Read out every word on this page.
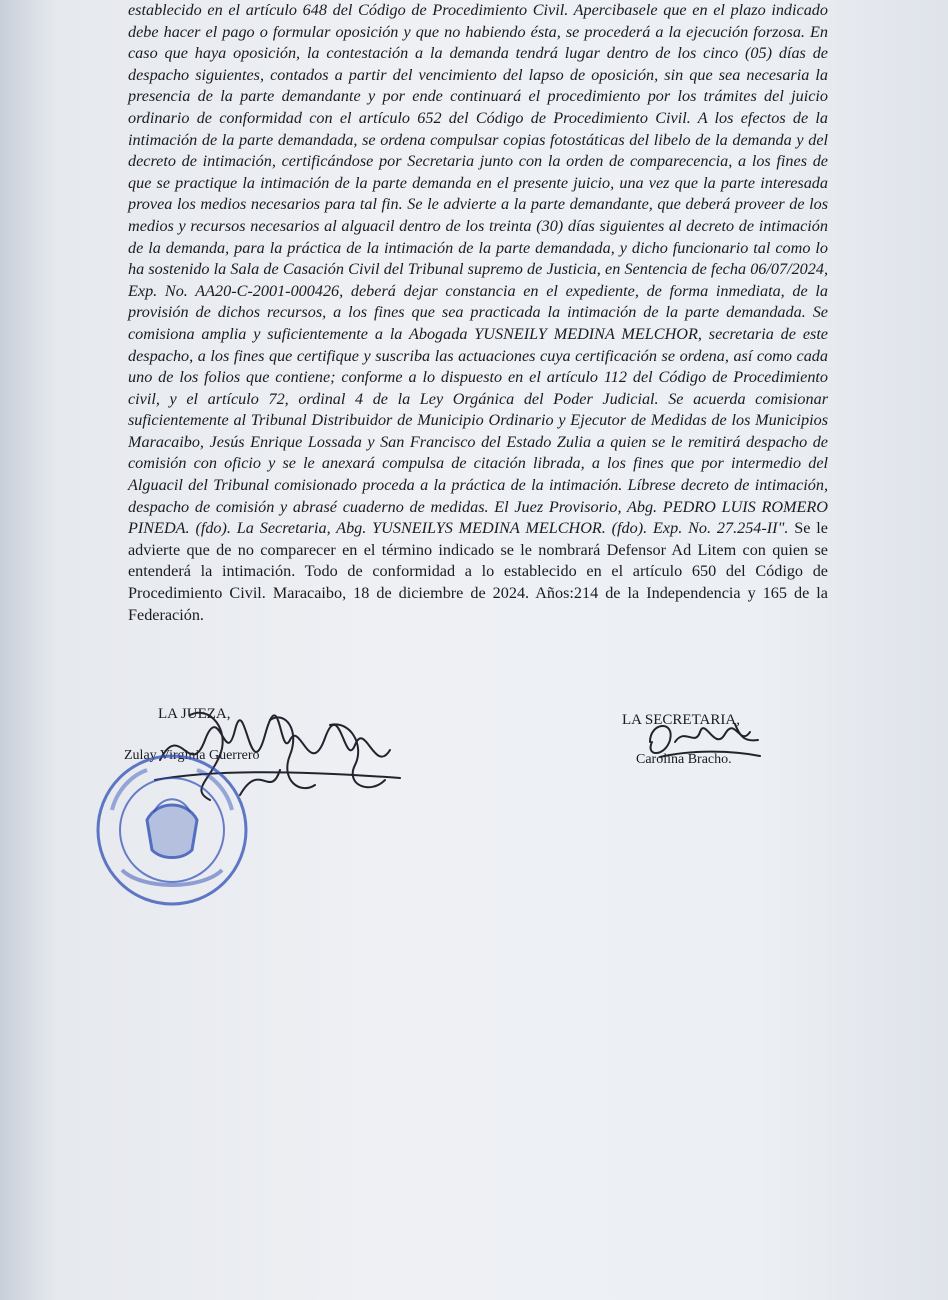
establecido en el artículo 648 del Código de Procedimiento Civil. Apercibasele que en el plazo indicado debe hacer el pago o formular oposición y que no habiendo ésta, se procederá a la ejecución forzosa. En caso que haya oposición, la contestación a la demanda tendrá lugar dentro de los cinco (05) días de despacho siguientes, contados a partir del vencimiento del lapso de oposición, sin que sea necesaria la presencia de la parte demandante y por ende continuará el procedimiento por los trámites del juicio ordinario de conformidad con el artículo 652 del Código de Procedimiento Civil. A los efectos de la intimación de la parte demandada, se ordena compulsar copias fotostáticas del libelo de la demanda y del decreto de intimación, certificándose por Secretaria junto con la orden de comparecencia, a los fines de que se practique la intimación de la parte demanda en el presente juicio, una vez que la parte interesada provea los medios necesarios para tal fin. Se le advierte a la parte demandante, que deberá proveer de los medios y recursos necesarios al alguacil dentro de los treinta (30) días siguientes al decreto de intimación de la demanda, para la práctica de la intimación de la parte demandada, y dicho funcionario tal como lo ha sostenido la Sala de Casación Civil del Tribunal supremo de Justicia, en Sentencia de fecha 06/07/2024, Exp. No. AA20-C-2001-000426, deberá dejar constancia en el expediente, de forma inmediata, de la provisión de dichos recursos, a los fines que sea practicada la intimación de la parte demandada. Se comisiona amplia y suficientemente a la Abogada YUSNEILY MEDINA MELCHOR, secretaria de este despacho, a los fines que certifique y suscriba las actuaciones cuya certificación se ordena, así como cada uno de los folios que contiene; conforme a lo dispuesto en el artículo 112 del Código de Procedimiento civil, y el artículo 72, ordinal 4 de la Ley Orgánica del Poder Judicial. Se acuerda comisionar suficientemente al Tribunal Distribuidor de Municipio Ordinario y Ejecutor de Medidas de los Municipios Maracaibo, Jesús Enrique Lossada y San Francisco del Estado Zulia a quien se le remitirá despacho de comisión con oficio y se le anexará compulsa de citación librada, a los fines que por intermedio del Alguacil del Tribunal comisionado proceda a la práctica de la intimación. Líbrese decreto de intimación, despacho de comisión y abrasé cuaderno de medidas. El Juez Provisorio, Abg. PEDRO LUIS ROMERO PINEDA. (fdo). La Secretaria, Abg. YUSNEILYS MEDINA MELCHOR. (fdo). Exp. No. 27.254-II". Se le advierte que de no comparecer en el término indicado se le nombrará Defensor Ad Litem con quien se entenderá la intimación. Todo de conformidad a lo establecido en el artículo 650 del Código de Procedimiento Civil. Maracaibo, 18 de diciembre de 2024. Años:214 de la Independencia y 165 de la Federación.
LA JUEZA,
Zulay Virginia Guerrero
LA SECRETARIA,
Carolina Bracho.
